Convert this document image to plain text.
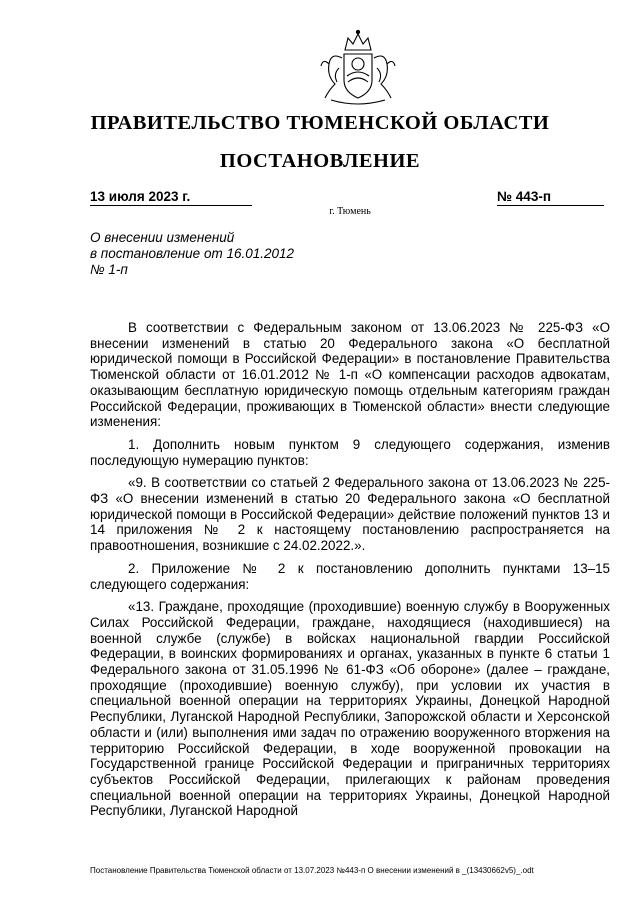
ПРАВИТЕЛЬСТВО ТЮМЕНСКОЙ ОБЛАСТИ
ПОСТАНОВЛЕНИЕ
13 июля 2023 г.	№ 443-п
г. Тюмень
О внесении изменений
в постановление от 16.01.2012
№ 1-п

В соответствии с Федеральным законом от 13.06.2023 № 225-ФЗ «О внесении изменений в статью 20 Федерального закона «О бесплатной юридической помощи в Российской Федерации» в постановление Правительства Тюменской области от 16.01.2012 № 1-п «О компенсации расходов адвокатам, оказывающим бесплатную юридическую помощь отдельным категориям граждан Российской Федерации, проживающих в Тюменской области» внести следующие изменения:

1. Дополнить новым пунктом 9 следующего содержания, изменив последующую нумерацию пунктов:

«9. В соответствии со статьей 2 Федерального закона от 13.06.2023 № 225-ФЗ «О внесении изменений в статью 20 Федерального закона «О бесплатной юридической помощи в Российской Федерации» действие положений пунктов 13 и 14 приложения № 2 к настоящему постановлению распространяется на правоотношения, возникшие с 24.02.2022.».

2. Приложение № 2 к постановлению дополнить пунктами 13–15 следующего содержания:

«13. Граждане, проходящие (проходившие) военную службу в Вооруженных Силах Российской Федерации, граждане, находящиеся (находившиеся) на военной службе (службе) в войсках национальной гвардии Российской Федерации, в воинских формированиях и органах, указанных в пункте 6 статьи 1 Федерального закона от 31.05.1996 № 61-ФЗ «Об обороне» (далее – граждане, проходящие (проходившие) военную службу), при условии их участия в специальной военной операции на территориях Украины, Донецкой Народной Республики, Луганской Народной Республики, Запорожской области и Херсонской области и (или) выполнения ими задач по отражению вооруженного вторжения на территорию Российской Федерации, в ходе вооруженной провокации на Государственной границе Российской Федерации и приграничных территориях субъектов Российской Федерации, прилегающих к районам проведения специальной военной операции на территориях Украины, Донецкой Народной Республики, Луганской Народной

Постановление Правительства Тюменской области от 13.07.2023 №443-п О внесении изменений в _(13430662v5)_.odt
